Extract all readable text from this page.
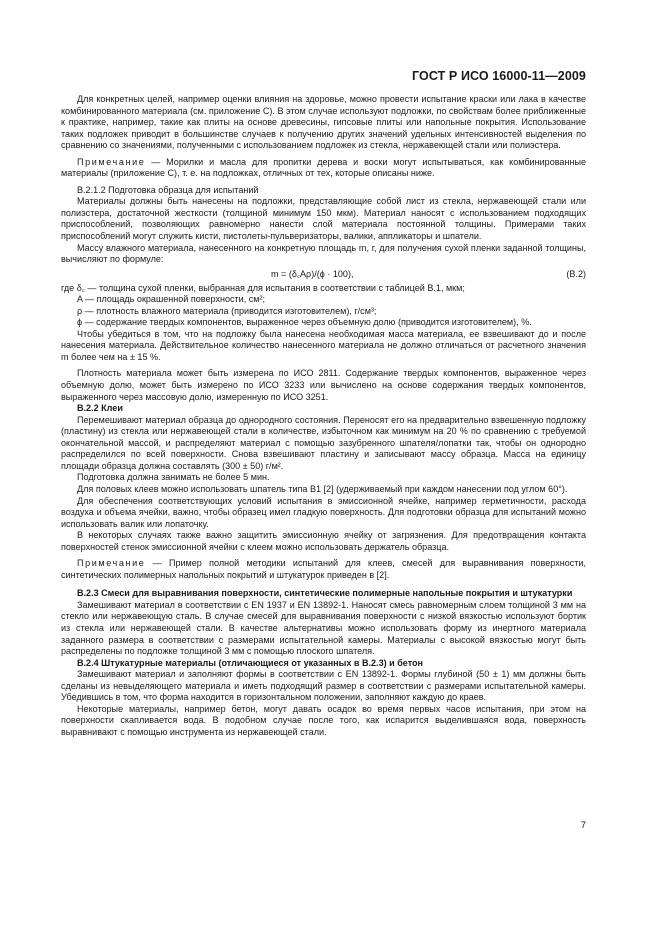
ГОСТ Р ИСО 16000-11—2009

Для конкретных целей, например оценки влияния на здоровье, можно провести испытание краски или лака в качестве комбинированного материала (см. приложение С). В этом случае используют подложки, по свойствам более приближенные к практике, например, такие как плиты на основе древесины, гипсовые плиты или напольные покрытия. Использование таких подложек приводит в большинстве случаев к получению других значений удельных интенсивностей выделения по сравнению со значениями, полученными с использованием подложек из стекла, нержавеющей стали или полиэстера.

Примечание — Морилки и масла для пропитки дерева и воски могут испытываться, как комбинированные материалы (приложение С), т. е. на подложках, отличных от тех, которые описаны ниже.

В.2.1.2 Подготовка образца для испытаний

Материалы должны быть нанесены на подложки, представляющие собой лист из стекла, нержавеющей стали или полиэстера, достаточной жесткости (толщиной минимум 150 мкм). Материал наносят с использованием подходящих приспособлений, позволяющих равномерно нанести слой материала постоянной толщины. Примерами таких приспособлений могут служить кисти, пистолеты-пульверизаторы, валики, аппликаторы и шпатели.

Массу влажного материала, нанесенного на конкретную площадь m, г, для получения сухой пленки заданной толщины, вычисляют по формуле:

m = (δ꜀Aρ)/(ϕ · 100),	(В.2)

где δ꜀ — толщина сухой пленки, выбранная для испытания в соответствии с таблицей В.1, мкм;

A — площадь окрашенной поверхности, см²;

ρ — плотность влажного материала (приводится изготовителем), г/см³;

ϕ — содержание твердых компонентов, выраженное через объемную долю (приводится изготовителем), %.

Чтобы убедиться в том, что на подложку была нанесена необходимая масса материала, ее взвешивают до и после нанесения материала. Действительное количество нанесенного материала не должно отличаться от расчетного значения m более чем на ± 15 %.

Плотность материала может быть измерена по ИСО 2811. Содержание твердых компонентов, выраженное через объемную долю, может быть измерено по ИСО 3233 или вычислено на основе содержания твердых компонентов, выраженного через массовую долю, измеренную по ИСО 3251.

В.2.2 Клеи

Перемешивают материал образца до однородного состояния. Переносят его на предварительно взвешенную подложку (пластину) из стекла или нержавеющей стали в количестве, избыточном как минимум на 20 % по сравнению с требуемой окончательной массой, и распределяют материал с помощью зазубренного шпателя/лопатки так, чтобы он однородно распределился по всей поверхности. Снова взвешивают пластину и записывают массу образца. Масса на единицу площади образца должна составлять (300 ± 50) г/м².

Подготовка должна занимать не более 5 мин.

Для половых клеев можно использовать шпатель типа В1 [2] (удерживаемый при каждом нанесении под углом 60°).

Для обеспечения соответствующих условий испытания в эмиссионной ячейке, например герметичности, расхода воздуха и объема ячейки, важно, чтобы образец имел гладкую поверхность. Для подготовки образца для испытаний можно использовать валик или лопаточку.

В некоторых случаях также важно защитить эмиссионную ячейку от загрязнения. Для предотвращения контакта поверхностей стенок эмиссионной ячейки с клеем можно использовать держатель образца.

Примечание — Пример полной методики испытаний для клеев, смесей для выравнивания поверхности, синтетических полимерных напольных покрытий и штукатурок приведен в [2].

В.2.3 Смеси для выравнивания поверхности, синтетические полимерные напольные покрытия и штукатурки

Замешивают материал в соответствии с EN 1937 и EN 13892-1. Наносят смесь равномерным слоем толщиной 3 мм на стекло или нержавеющую сталь. В случае смесей для выравнивания поверхности с низкой вязкостью используют бортик из стекла или нержавеющей стали. В качестве альтернативы можно использовать форму из инертного материала заданного размера в соответствии с размерами испытательной камеры. Материалы с высокой вязкостью могут быть распределены по подложке толщиной 3 мм с помощью плоского шпателя.

В.2.4 Штукатурные материалы (отличающиеся от указанных в В.2.3) и бетон

Замешивают материал и заполняют формы в соответствии с EN 13892-1. Формы глубиной (50 ± 1) мм должны быть сделаны из невыделяющего материала и иметь подходящий размер в соответствии с размерами испытательной камеры. Убедившись в том, что форма находится в горизонтальном положении, заполняют каждую до краев.

Некоторые материалы, например бетон, могут давать осадок во время первых часов испытания, при этом на поверхности скапливается вода. В подобном случае после того, как испарится выделившаяся вода, поверхность выравнивают с помощью инструмента из нержавеющей стали.

7
